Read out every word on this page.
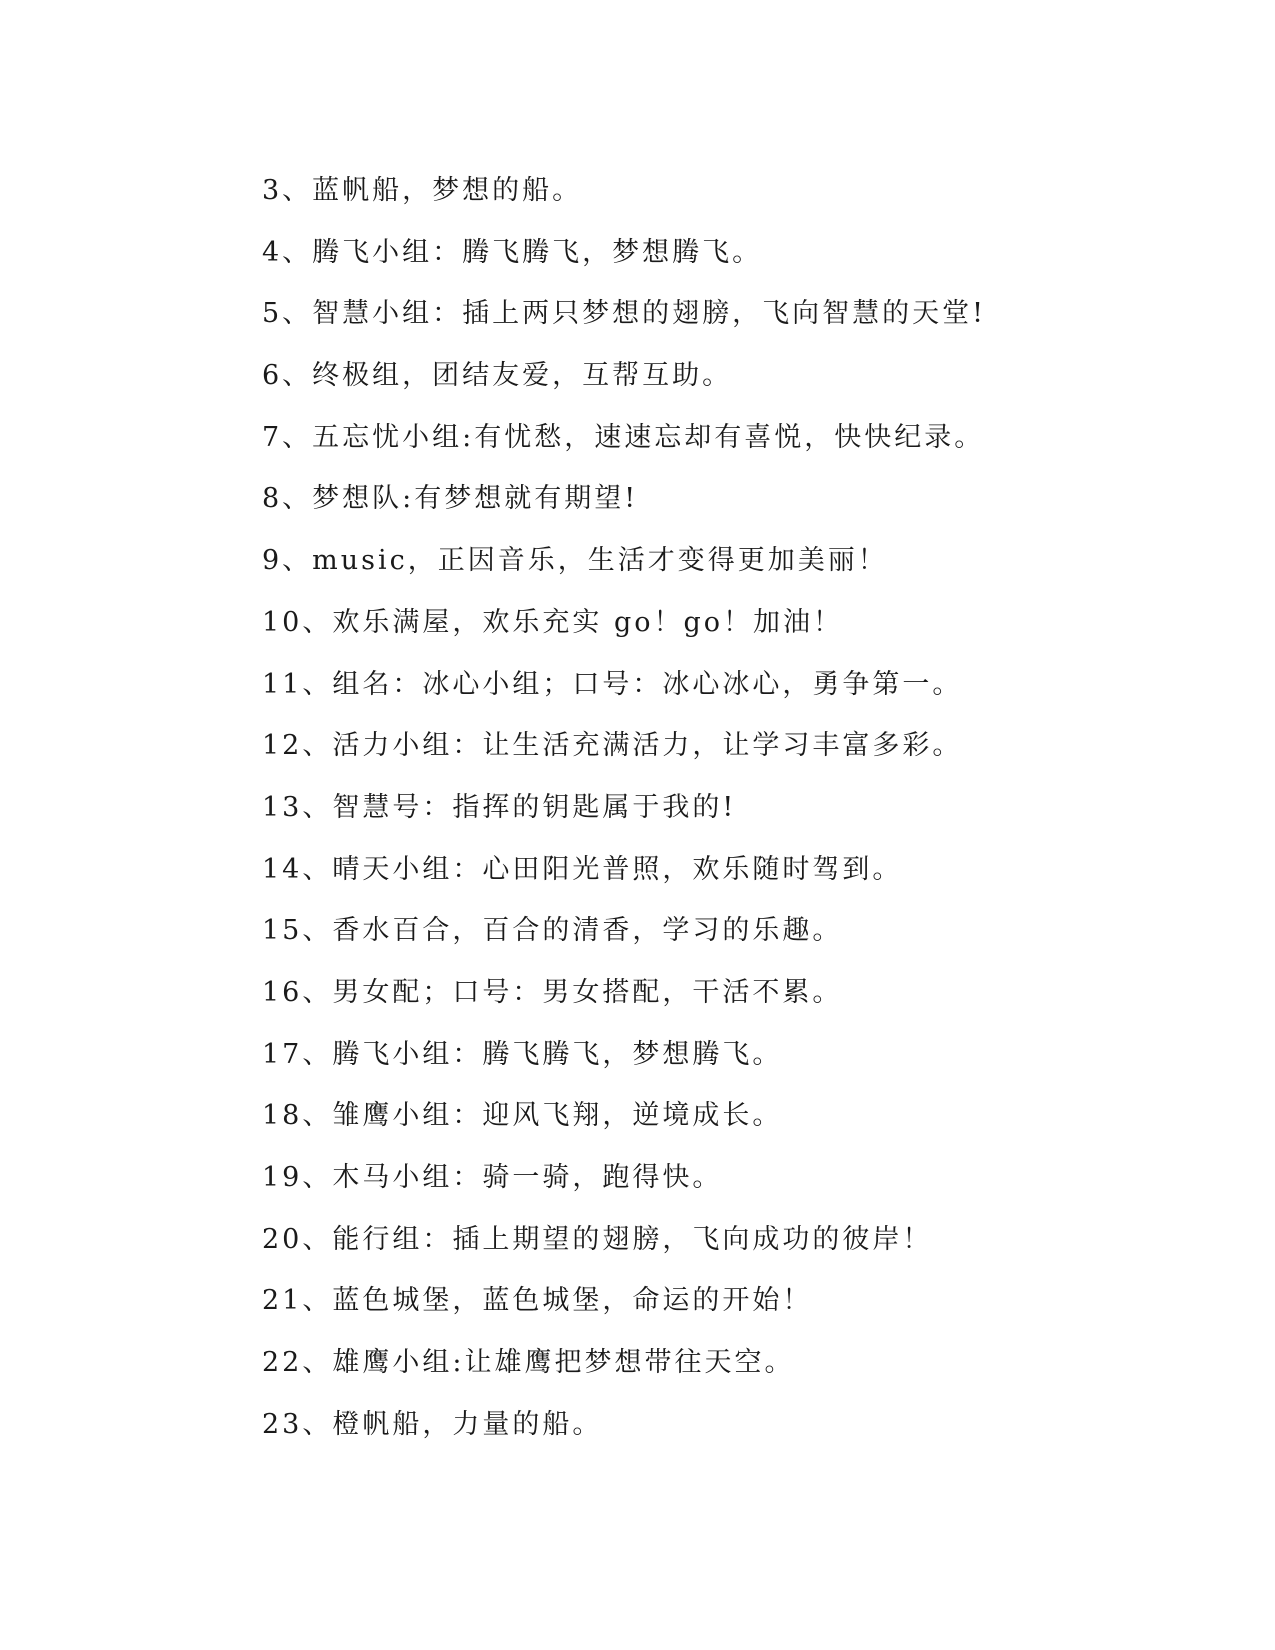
3、蓝帆船，梦想的船。
4、腾飞小组：腾飞腾飞，梦想腾飞。
5、智慧小组：插上两只梦想的翅膀，飞向智慧的天堂!
6、终极组，团结友爱，互帮互助。
7、五忘忧小组:有忧愁，速速忘却有喜悦，快快纪录。
8、梦想队:有梦想就有期望!
9、music，正因音乐，生活才变得更加美丽！
10、欢乐满屋，欢乐充实 go！go！加油！
11、组名：冰心小组；口号：冰心冰心，勇争第一。
12、活力小组：让生活充满活力，让学习丰富多彩。
13、智慧号：指挥的钥匙属于我的!
14、晴天小组：心田阳光普照，欢乐随时驾到。
15、香水百合，百合的清香，学习的乐趣。
16、男女配；口号：男女搭配，干活不累。
17、腾飞小组：腾飞腾飞，梦想腾飞。
18、雏鹰小组：迎风飞翔，逆境成长。
19、木马小组：骑一骑，跑得快。
20、能行组：插上期望的翅膀，飞向成功的彼岸！
21、蓝色城堡，蓝色城堡，命运的开始！
22、雄鹰小组:让雄鹰把梦想带往天空。
23、橙帆船，力量的船。
